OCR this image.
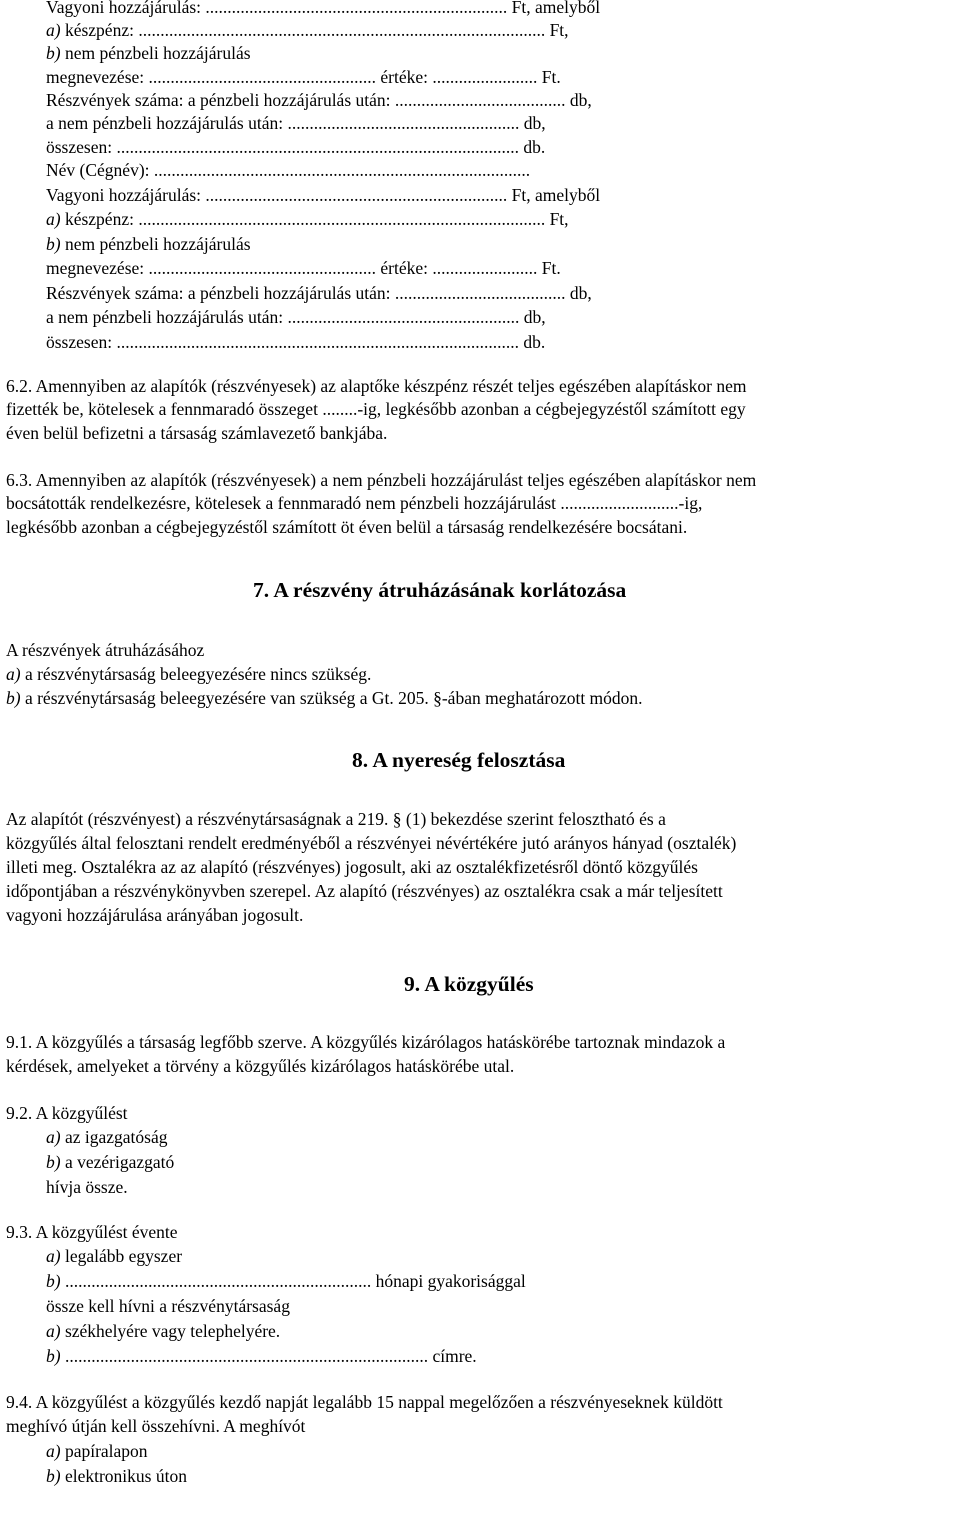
Vagyoni hozzájárulás: ..................................................................... Ft, amelyből
a) készpénz: ............................................................................................. Ft,
b) nem pénzbeli hozzájárulás
megnevezése: .................................................... értéke: ........................ Ft.
Részvények száma: a pénzbeli hozzájárulás után: ....................................... db,
a nem pénzbeli hozzájárulás után: ..................................................... db,
összesen: ............................................................................................ db.
Név (Cégnév): ......................................................................................
Vagyoni hozzájárulás: ..................................................................... Ft, amelyből
a) készpénz: ............................................................................................. Ft,
b) nem pénzbeli hozzájárulás
megnevezése: .................................................... értéke: ........................ Ft.
Részvények száma: a pénzbeli hozzájárulás után: ....................................... db,
a nem pénzbeli hozzájárulás után: ..................................................... db,
összesen: ............................................................................................ db.
6.2. Amennyiben az alapítók (részvényesek) az alaptőke készpénz részét teljes egészében alapításkor nem
fizették be, kötelesek a fennmaradó összeget ........-ig, legkésőbb azonban a cégbejegyzéstől számított egy
éven belül befizetni a társaság számlavezető bankjába.
6.3. Amennyiben az alapítók (részvényesek) a nem pénzbeli hozzájárulást teljes egészében alapításkor nem
bocsátották rendelkezésre, kötelesek a fennmaradó nem pénzbeli hozzájárulást ...........................-ig,
legkésőbb azonban a cégbejegyzéstől számított öt éven belül a társaság rendelkezésére bocsátani.
7. A részvény átruházásának korlátozása
A részvények átruházásához
a) a részvénytársaság beleegyezésére nincs szükség.
b) a részvénytársaság beleegyezésére van szükség a Gt. 205. §-ában meghatározott módon.
8. A nyereség felosztása
Az alapítót (részvényest) a részvénytársaságnak a 219. § (1) bekezdése szerint felosztható és a
közgyűlés által felosztani rendelt eredményéből a részvényei névértékére jutó arányos hányad (osztalék)
illeti meg. Osztalékra az az alapító (részvényes) jogosult, aki az osztalékfizetésről döntő közgyűlés
időpontjában a részvénykönyvben szerepel. Az alapító (részvényes) az osztalékra csak a már teljesített
vagyoni hozzájárulása arányában jogosult.
9. A közgyűlés
9.1. A közgyűlés a társaság legfőbb szerve. A közgyűlés kizárólagos hatáskörébe tartoznak mindazok a
kérdések, amelyeket a törvény a közgyűlés kizárólagos hatáskörébe utal.
9.2. A közgyűlést
a) az igazgatóság
b) a vezérigazgató
hívja össze.
9.3. A közgyűlést évente
a) legalább egyszer
b) ...................................................................... hónapi gyakorisággal
össze kell hívni a részvénytársaság
a) székhelyére vagy telephelyére.
b) ................................................................................... címre.
9.4. A közgyűlést a közgyűlés kezdő napját legalább 15 nappal megelőzően a részvényeseknek küldött
meghívó útján kell összehívni. A meghívót
a) papíralapon
b) elektronikus úton
